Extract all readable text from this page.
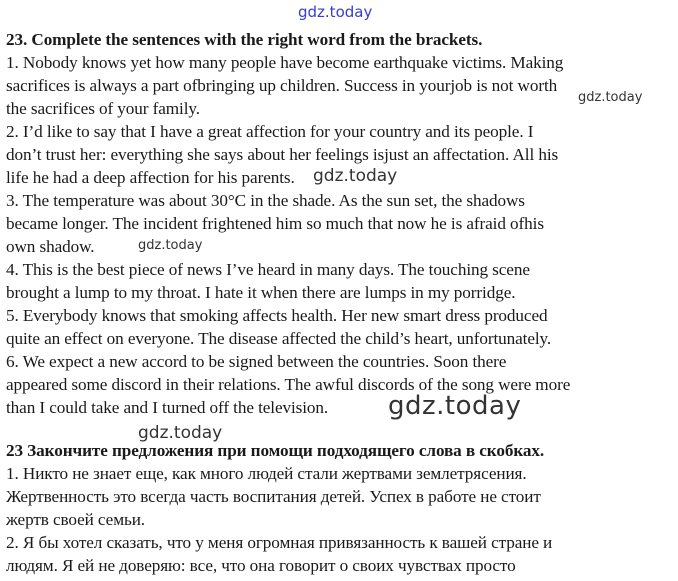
gdz.today
23. Complete the sentences with the right word from the brackets.
1. Nobody knows yet how many people have become earthquake victims. Making
sacrifices is always a part ofbringing up children. Success in yourjob is not worth
the sacrifices of your family.
2. I’d like to say that I have a great affection for your country and its people. I
don’t trust her: everything she says about her feelings isjust an affectation. All his
life he had a deep affection for his parents.
3. The temperature was about 30°C in the shade. As the sun set, the shadows
became longer. The incident frightened him so much that now he is afraid ofhis
own shadow.
4. This is the best piece of news I’ve heard in many days. The touching scene
brought a lump to my throat. I hate it when there are lumps in my porridge.
5. Everybody knows that smoking affects health. Her new smart dress produced
quite an effect on everyone. The disease affected the child’s heart, unfortunately.
6. We expect a new accord to be signed between the countries. Soon there
appeared some discord in their relations. The awful discords of the song were more
than I could take and I turned off the television.
23 Закончите предложения при помощи подходящего слова в скобках.
1. Никто не знает еще, как много людей стали жертвами землетрясения.
Жертвенность это всегда часть воспитания детей. Успех в работе не стоит
жертв своей семьи.
2. Я бы хотел сказать, что у меня огромная привязанность к вашей стране и
людям. Я ей не доверяю: все, что она говорит о своих чувствах просто
gdz.today
gdz.today
gdz.today
gdz.today
gdz.today
